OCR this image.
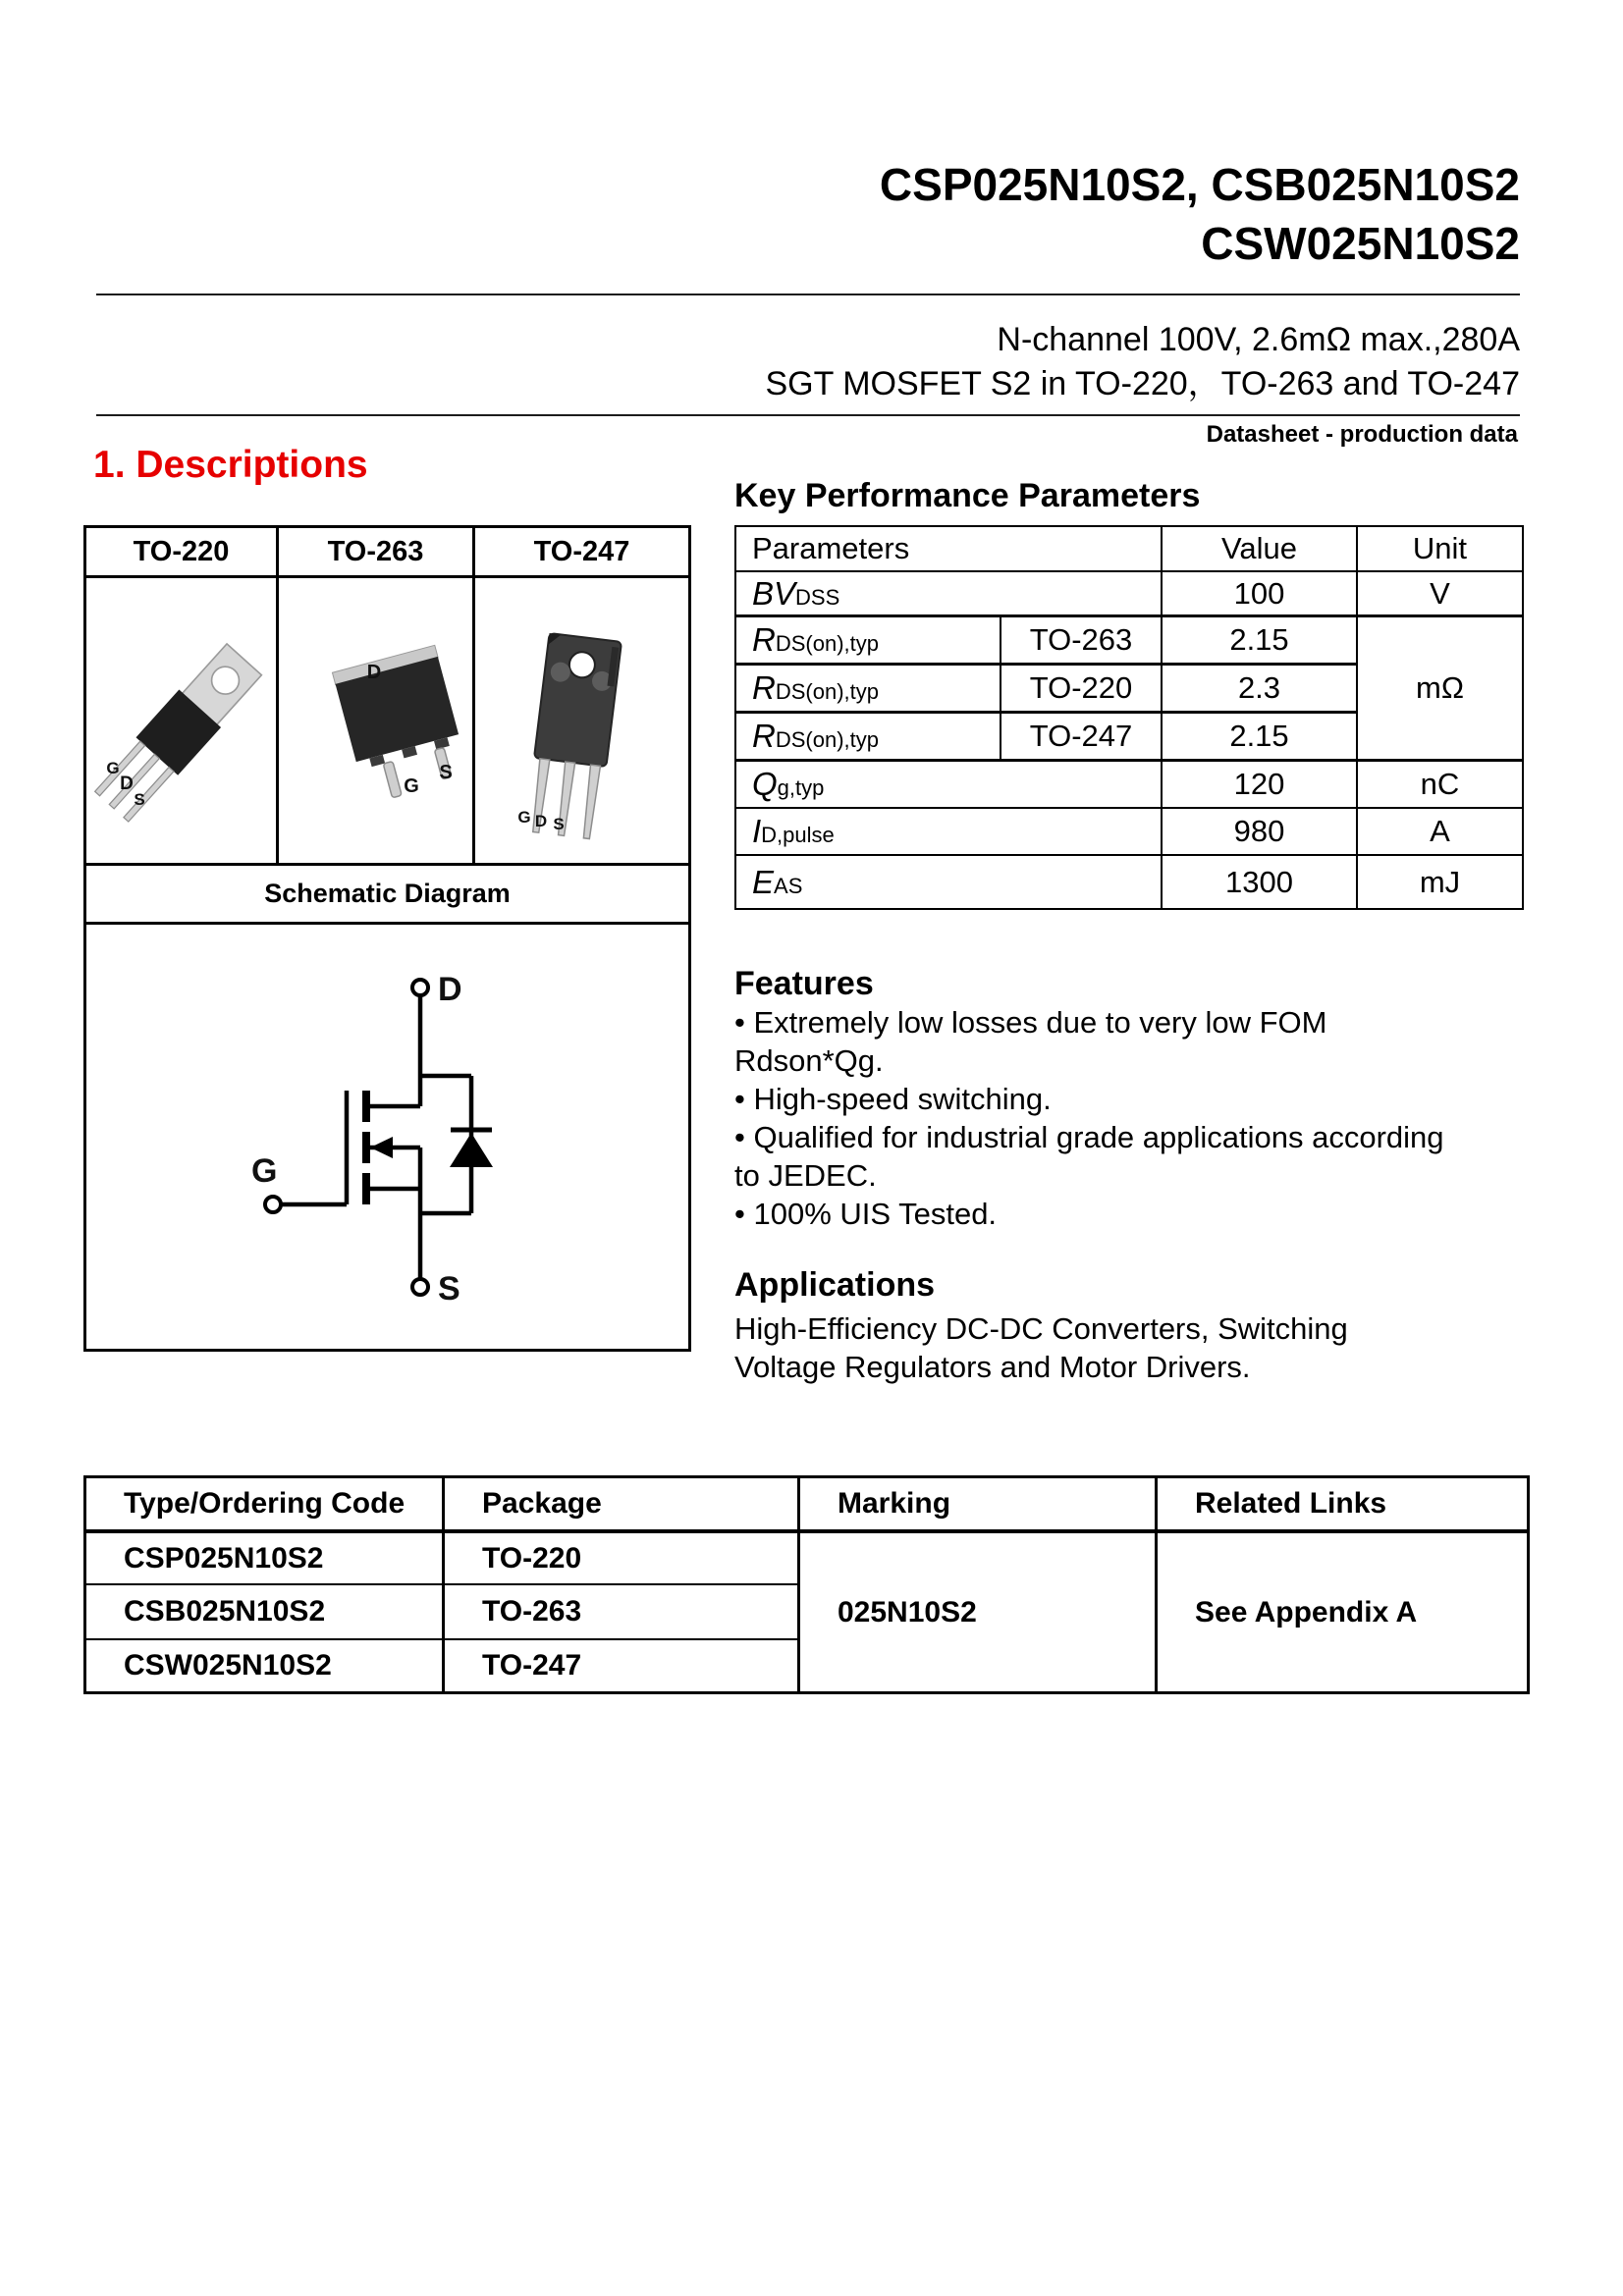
CSP025N10S2, CSB025N10S2
CSW025N10S2
N-channel 100V, 2.6mΩ max.,280A
SGT MOSFET S2 in TO-220，TO-263 and TO-247
Datasheet - production data
1. Descriptions
TO-220	TO-263	TO-247

G
D
S	D
G
S	G D S

Schematic Diagram		

D
G
S		
Key Performance Parameters
Parameters		Value	Unit
BVDSS		100	V
RDS(on),typ	TO-263	2.15	mΩ
RDS(on),typ	TO-220	2.3	
RDS(on),typ	TO-247	2.15	
Qg,typ		120	nC
ID,pulse		980	A
EAS		1300	mJ
Features
• Extremely low losses due to very low FOM
Rdson*Qg.
• High-speed switching.
• Qualified for industrial grade applications according
to JEDEC.
• 100% UIS Tested.
Applications
High-Efficiency DC-DC Converters, Switching
Voltage Regulators and Motor Drivers.
Type/Ordering Code	Package	Marking	Related Links
CSP025N10S2	TO-220	025N10S2	See Appendix A
CSB025N10S2	TO-263		
CSW025N10S2	TO-247		
